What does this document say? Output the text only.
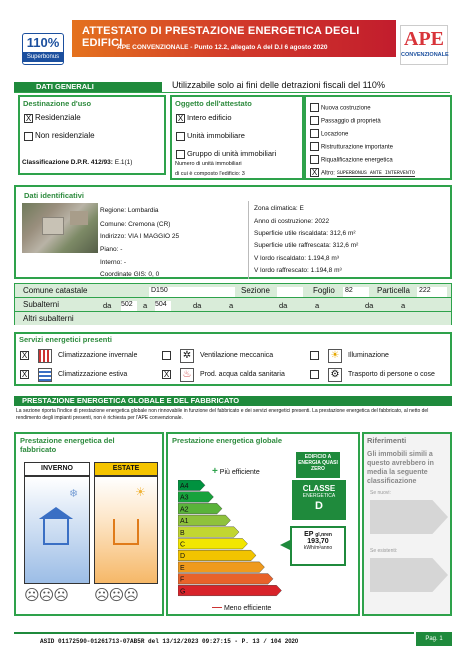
110%
Superbonus
ATTESTATO DI PRESTAZIONE ENERGETICA DEGLI EDIFICI
APE CONVENZIONALE - Punto 12.2, allegato A del D.I 6 agosto 2020	APE
CONVENZIONALE
DATI GENERALI	Utilizzabile solo ai fini delle detrazioni fiscali del 110%
Destinazione d'uso
X Residenziale
Non residenziale
Classificazione D.P.R. 412/93: E.1(1)
Oggetto dell'attestato
X Intero edificio
Unità immobiliare
Gruppo di unità immobiliari
Numero di unità immobiliari
di cui è composto l'edificio: 3
Nuova costruzione
Passaggio di proprietà
Locazione
Ristrutturazione importante
Riqualificazione energetica
X Altro: SUPERBONUS ANTE INTERVENTO
Dati identificativi
Regione: Lombardia
Comune: Cremona (CR)
Indirizzo: VIA I MAGGIO 25
Piano: -
Interno: -
Coordinate GIS: 0, 0
Zona climatica: E
Anno di costruzione: 2022
Superficie utile riscaldata: 312,6 m²
Superficie utile raffrescata: 312,6 m²
V lordo riscaldato: 1.194,8 m³
V lordo raffrescato: 1.194,8 m³
Comune catastale	D150	Sezione	Foglio 82	Particella 222
Subalterni	da 502	a 504	da	a	da	a	da	a
Altri subalterni
Servizi energetici presenti
X	Climatizzazione invernale	✲	Ventilazione meccanica	☀	Illuminazione
X	Climatizzazione estiva	X ♨	Prod. acqua calda sanitaria	⚙	Trasporto di persone o cose
PRESTAZIONE ENERGETICA GLOBALE E DEL FABBRICATO
La sezione riporta l'indice di prestazione energetica globale non rinnovabile in funzione del fabbricato e dei servizi energetici presenti. La prestazione energetica del fabbricato, al netto del rendimento degli impianti presenti, non è richiesta per l'APE convenzionale.
Prestazione energetica del fabbricato
INVERNO	ESTATE
❄	☀
☹☹☹	☹☹☹
Prestazione energetica globale
+ Più efficiente
A4
A3
A2
A1
B
C
D
E
F
G
— Meno efficiente
EDIFICIO A ENERGIA QUASI ZERO
CLASSE
ENERGETICA
D
EP gl,nren
193,70
kWh/m²anno
Riferimenti
Gli immobili simili a questo avrebbero in media la seguente classificazione
Se nuovi:
Se esistenti:
ASID 01172590-01261713-07AB5R del 13/12/2023 09:27:15 - P. 13 / 104 2020	Pag. 1
